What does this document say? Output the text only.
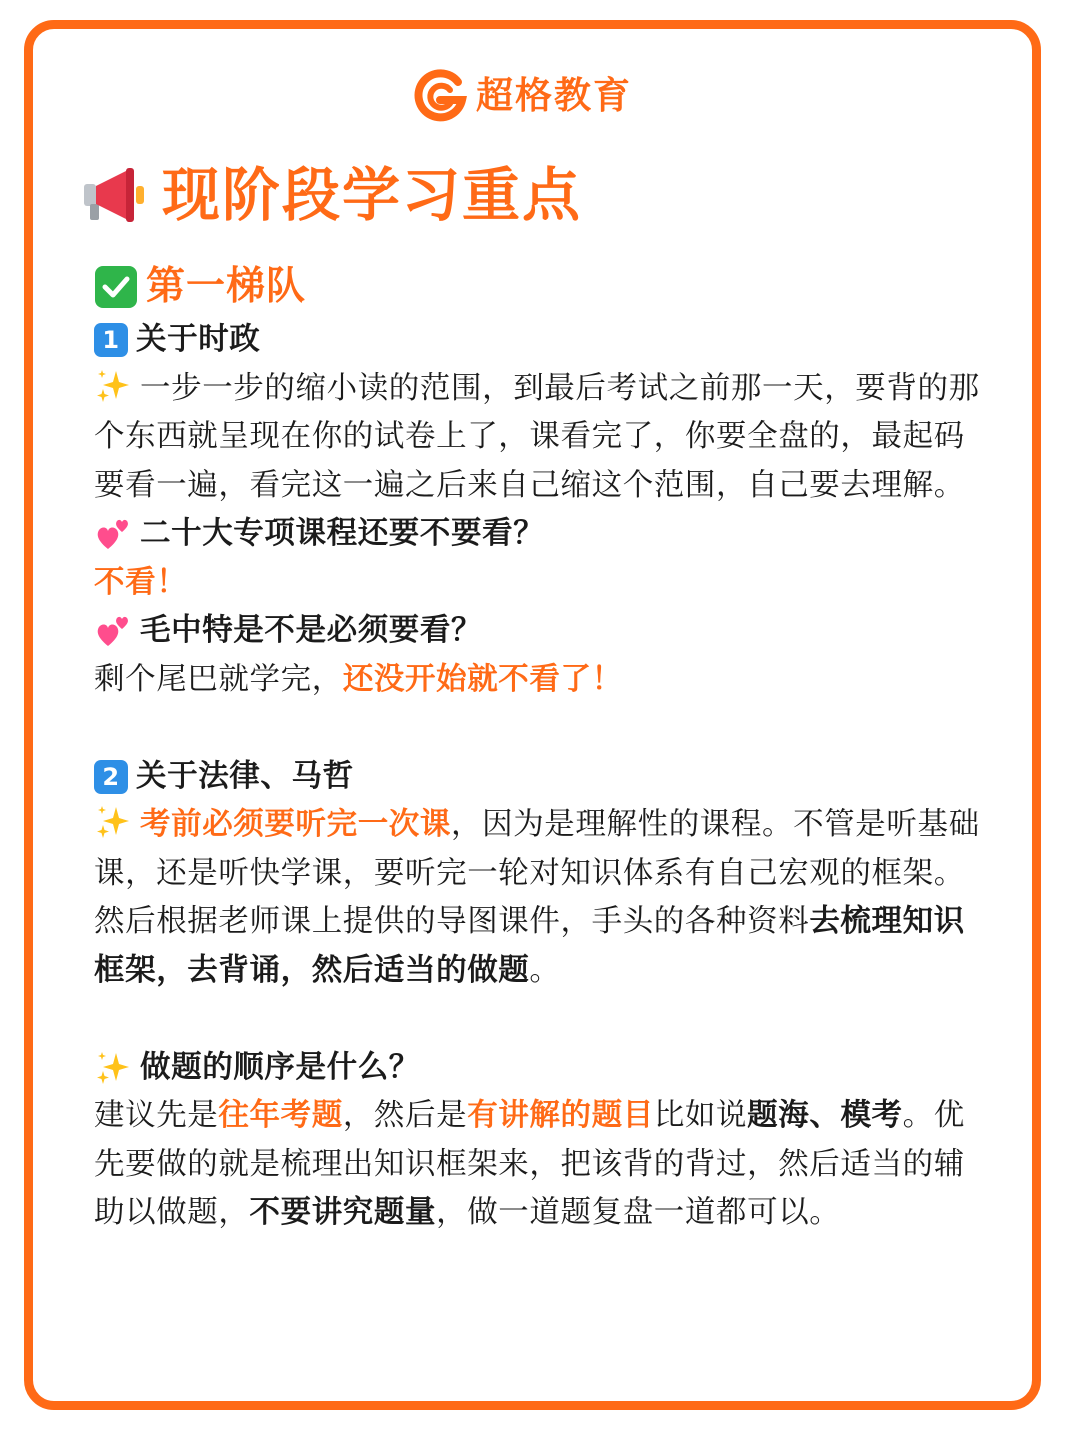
超格教育
现阶段学习重点
第一梯队
1 关于时政

一步一步的缩小读的范围，到最后考试之前那一天，要背的那个东西就呈现在你的试卷上了，课看完了，你要全盘的，最起码要看一遍，看完这一遍之后来自己缩这个范围，自己要去理解。

二十大专项课程还要不要看？

不看！

毛中特是不是必须要看？

剩个尾巴就学完，还没开始就不看了！

2 关于法律、马哲

考前必须要听完一次课，因为是理解性的课程。不管是听基础课，还是听快学课，要听完一轮对知识体系有自己宏观的框架。然后根据老师课上提供的导图课件，手头的各种资料去梳理知识框架，去背诵，然后适当的做题。

做题的顺序是什么？

建议先是往年考题，然后是有讲解的题目比如说题海、模考。优先要做的就是梳理出知识框架来，把该背的背过，然后适当的辅助以做题，不要讲究题量，做一道题复盘一道都可以。
